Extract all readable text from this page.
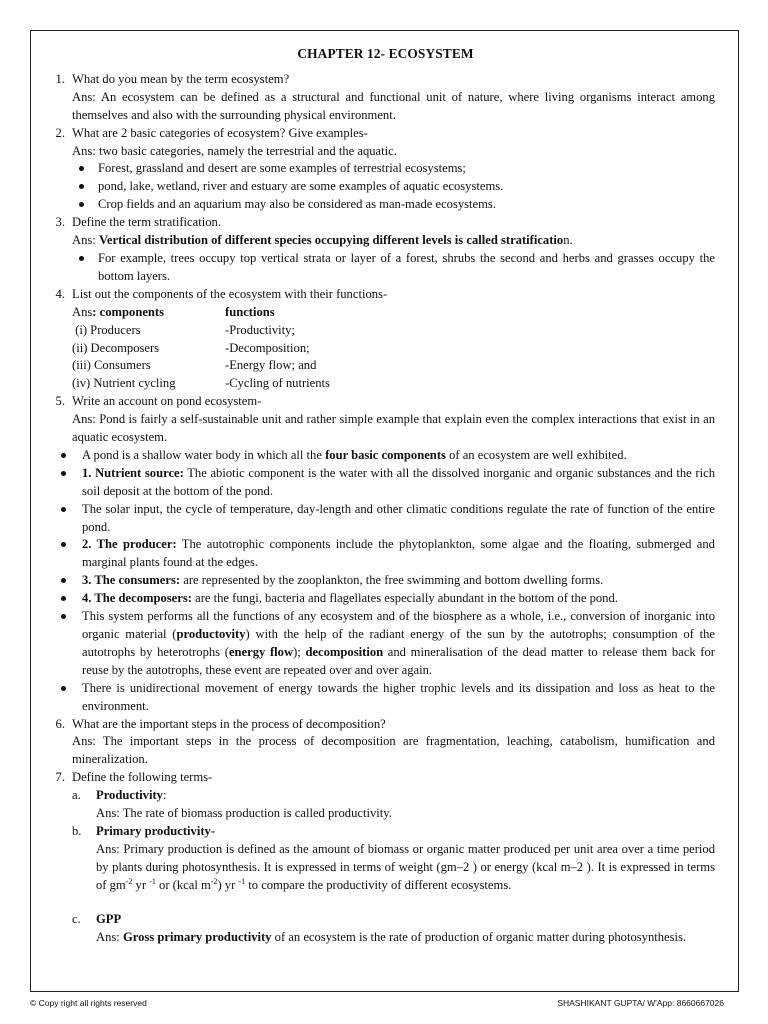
CHAPTER 12- ECOSYSTEM
1. What do you mean by the term ecosystem?
Ans: An ecosystem can be defined as a structural and functional unit of nature, where living organisms interact among themselves and also with the surrounding physical environment.
2. What are 2 basic categories of ecosystem? Give examples-
Ans: two basic categories, namely the terrestrial and the aquatic.
Forest, grassland and desert are some examples of terrestrial ecosystems;
pond, lake, wetland, river and estuary are some examples of aquatic ecosystems.
Crop fields and an aquarium may also be considered as man-made ecosystems.
3. Define the term stratification.
Ans: Vertical distribution of different species occupying different levels is called stratification.
For example, trees occupy top vertical strata or layer of a forest, shrubs the second and herbs and grasses occupy the bottom layers.
4. List out the components of the ecosystem with their functions-
Ans: components	functions
(i) Producers	-Productivity;
(ii) Decomposers	-Decomposition;
(iii) Consumers	-Energy flow; and
(iv) Nutrient cycling	-Cycling of nutrients
5. Write an account on pond ecosystem-
Ans: Pond is fairly a self-sustainable unit and rather simple example that explain even the complex interactions that exist in an aquatic ecosystem.
A pond is a shallow water body in which all the four basic components of an ecosystem are well exhibited.
1. Nutrient source: The abiotic component is the water with all the dissolved inorganic and organic substances and the rich soil deposit at the bottom of the pond.
The solar input, the cycle of temperature, day-length and other climatic conditions regulate the rate of function of the entire pond.
2. The producer: The autotrophic components include the phytoplankton, some algae and the floating, submerged and marginal plants found at the edges.
3. The consumers: are represented by the zooplankton, the free swimming and bottom dwelling forms.
4. The decomposers: are the fungi, bacteria and flagellates especially abundant in the bottom of the pond.
This system performs all the functions of any ecosystem and of the biosphere as a whole, i.e., conversion of inorganic into organic material (productovity) with the help of the radiant energy of the sun by the autotrophs; consumption of the autotrophs by heterotrophs (energy flow); decomposition and mineralisation of the dead matter to release them back for reuse by the autotrophs, these event are repeated over and over again.
There is unidirectional movement of energy towards the higher trophic levels and its dissipation and loss as heat to the environment.
6. What are the important steps in the process of decomposition?
Ans: The important steps in the process of decomposition are fragmentation, leaching, catabolism, humification and mineralization.
7. Define the following terms-
a. Productivity:
Ans: The rate of biomass production is called productivity.
b. Primary productivity-
Ans: Primary production is defined as the amount of biomass or organic matter produced per unit area over a time period by plants during photosynthesis. It is expressed in terms of weight (gm–2 ) or energy (kcal m–2 ). It is expressed in terms of $gm^{-2}$ yr $^{-1}$ or (kcal $m^{-2}$) yr $^{-1}$ to compare the productivity of different ecosystems.
c. GPP
Ans: Gross primary productivity of an ecosystem is the rate of production of organic matter during photosynthesis.
© Copy right all rights reserved	SHASHIKANT GUPTA/ W'App: 8660667026
